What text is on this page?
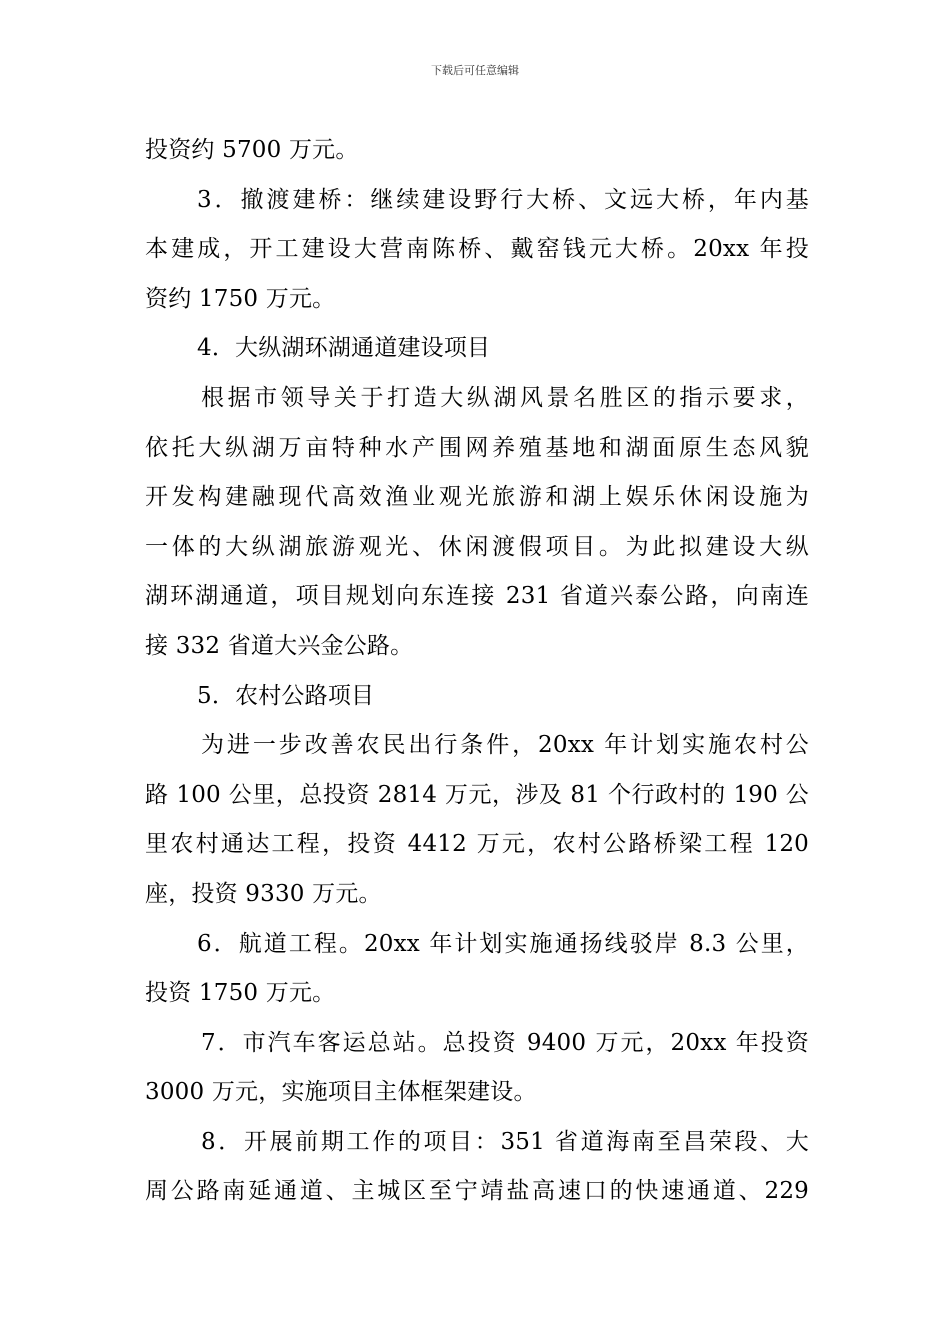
下载后可任意编辑
投资约 5700 万元。
3．撤渡建桥：继续建设野行大桥、文远大桥，年内基
本建成，开工建设大营南陈桥、戴窑钱元大桥。20xx 年投
资约 1750 万元。
4．大纵湖环湖通道建设项目
根据市领导关于打造大纵湖风景名胜区的指示要求，
依托大纵湖万亩特种水产围网养殖基地和湖面原生态风貌
开发构建融现代高效渔业观光旅游和湖上娱乐休闲设施为
一体的大纵湖旅游观光、休闲渡假项目。为此拟建设大纵
湖环湖通道，项目规划向东连接 231 省道兴泰公路，向南连
接 332 省道大兴金公路。
5．农村公路项目
为进一步改善农民出行条件，20xx 年计划实施农村公
路 100 公里，总投资 2814 万元，涉及 81 个行政村的 190 公
里农村通达工程，投资 4412 万元，农村公路桥梁工程 120
座，投资 9330 万元。
6．航道工程。20xx 年计划实施通扬线驳岸 8.3 公里，
投资 1750 万元。
7．市汽车客运总站。总投资 9400 万元，20xx 年投资
3000 万元，实施项目主体框架建设。
8．开展前期工作的项目：351 省道海南至昌荣段、大
周公路南延通道、主城区至宁靖盐高速口的快速通道、229
